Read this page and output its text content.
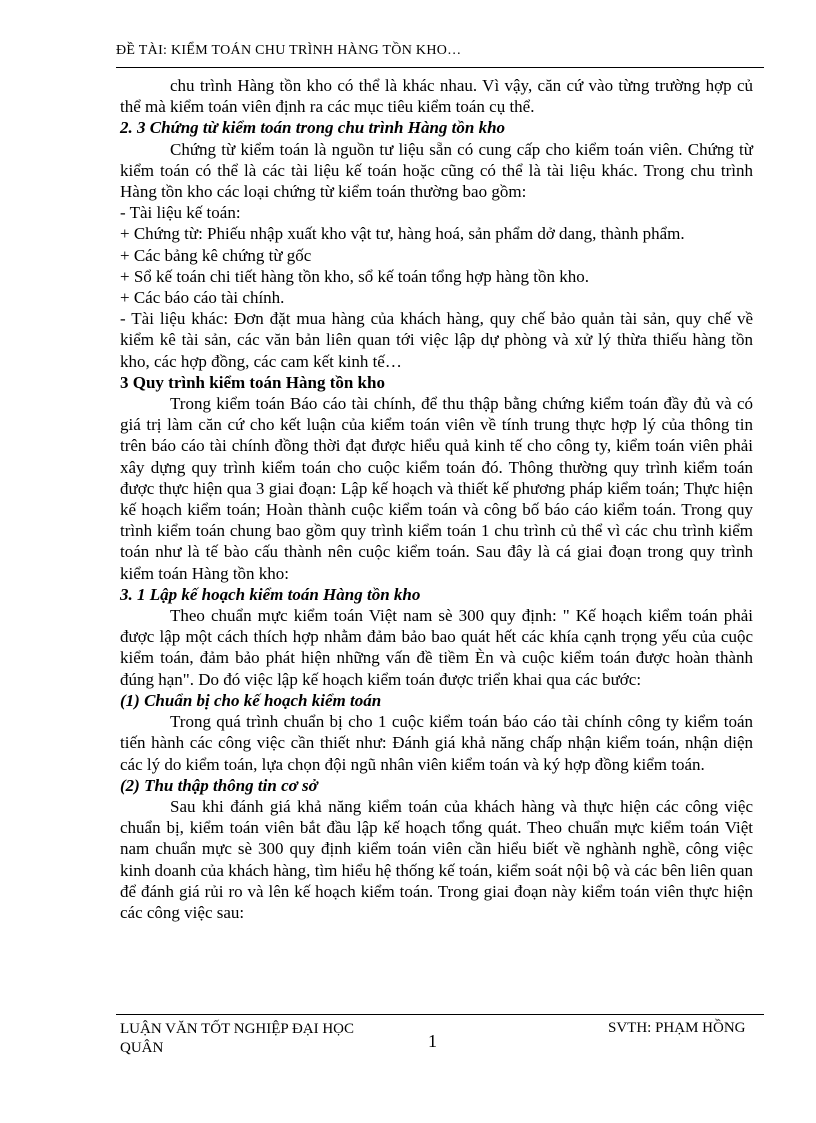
ĐỀ TÀI: KIỂM TOÁN CHU TRÌNH HÀNG TỒN KHO…

chu trình Hàng tồn kho có thể là khác nhau. Vì vậy, căn cứ vào từng trường hợp củ thể mà kiểm toán viên định ra các mục tiêu kiểm toán cụ thể.

2. 3 Chứng từ kiểm toán trong chu trình Hàng tồn kho

Chứng từ kiểm toán là nguồn tư liệu sẵn có cung cấp cho kiểm toán viên. Chứng từ kiểm toán có thể là các tài liệu kế toán hoặc cũng có thể là tài liệu khác. Trong chu trình Hàng tồn kho các loại chứng từ kiểm toán thường bao gồm:

- Tài liệu kế toán:

+ Chứng từ: Phiếu nhập xuất kho vật tư, hàng hoá, sản phẩm dở dang, thành phẩm.

+ Các bảng kê chứng từ gốc

+ Sổ kế toán chi tiết hàng tồn kho, sổ kế toán tổng hợp hàng tồn kho.

+ Các báo cáo tài chính.

- Tài liệu khác: Đơn đặt mua hàng của khách hàng, quy chế bảo quản tài sản, quy chế về kiểm kê tài sản, các văn bản liên quan tới việc lập dự phòng và xử lý thừa thiếu hàng tồn kho, các hợp đồng, các cam kết kinh tế…

3 Quy trình kiểm toán Hàng tồn kho

Trong kiểm toán Báo cáo tài chính, để thu thập bằng chứng kiểm toán đầy đủ và có giá trị làm căn cứ cho kết luận của kiểm toán viên về tính trung thực hợp lý của thông tin trên báo cáo tài chính đồng thời đạt được hiểu quả kinh tế cho công ty, kiểm toán viên phải xây dựng quy trình kiểm toán cho cuộc kiểm toán đó. Thông thường quy trình kiểm toán được thực hiện qua 3 giai đoạn: Lập kế hoạch và thiết kế phương pháp kiểm toán; Thực hiện kế hoạch kiểm toán; Hoàn thành cuộc kiểm toán và công bố báo cáo kiểm toán. Trong quy trình kiểm toán chung bao gồm quy trình kiểm toán 1 chu trình củ thể vì các chu trình kiểm toán như là tế bào cấu thành nên cuộc kiểm toán. Sau đây là cá giai đoạn trong quy trình kiểm toán Hàng tồn kho:

3. 1 Lập kế hoạch kiểm toán Hàng tồn kho

Theo chuẩn mực kiểm toán Việt nam sè 300 quy định: " Kế hoạch kiểm toán phải được lập một cách thích hợp nhằm đảm bảo bao quát hết các khía cạnh trọng yếu của cuộc kiểm toán, đảm bảo phát hiện những vấn đề tiềm Èn và cuộc kiểm toán được hoàn thành đúng hạn". Do đó việc lập kế hoạch kiểm toán được triển khai qua các bước:

(1) Chuẩn bị cho kế hoạch kiểm toán

Trong quá trình chuẩn bị cho 1 cuộc kiểm toán báo cáo tài chính công ty kiểm toán tiến hành các công việc cần thiết như: Đánh giá khả năng chấp nhận kiểm toán, nhận diện các lý do kiểm toán, lựa chọn đội ngũ nhân viên kiểm toán và ký hợp đồng kiểm toán.

(2) Thu thập thông tin cơ sở

Sau khi đánh giá khả năng kiểm toán của khách hàng và thực hiện các công việc chuẩn bị, kiểm toán viên bắt đầu lập kế hoạch tổng quát. Theo chuẩn mực kiểm toán Việt nam chuẩn mực sè 300 quy định kiểm toán viên cần hiểu biết về nghành nghề, công việc kinh doanh của khách hàng, tìm hiểu hệ thống kế toán, kiểm soát nội bộ và các bên liên quan để đánh giá rủi ro và lên kế hoạch kiểm toán. Trong giai đoạn này kiểm toán viên thực hiện các công việc sau:

LUẬN VĂN TỐT NGHIỆP ĐẠI HỌC QUÂN	1
SVTH: PHẠM HỒNG
